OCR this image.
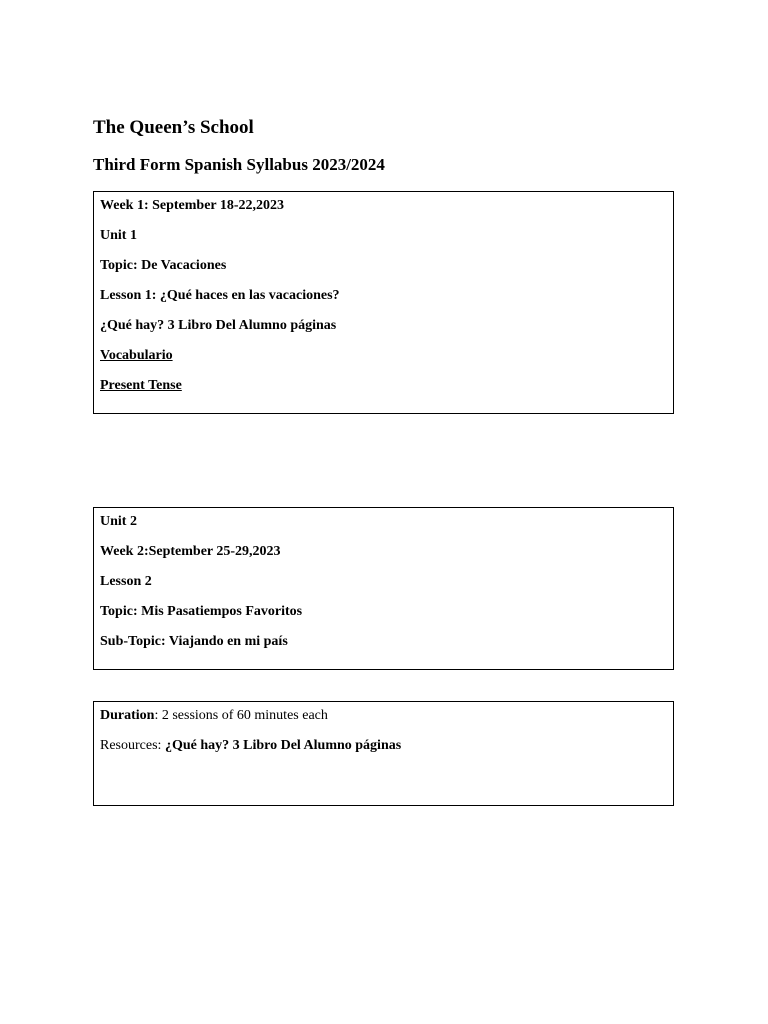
The Queen’s School
Third Form Spanish Syllabus 2023/2024
Week 1: September 18-22,2023
Unit 1
Topic: De Vacaciones
Lesson 1: ¿Qué haces en las vacaciones?
¿Qué hay? 3 Libro Del Alumno páginas
Vocabulario
Present Tense
Unit 2
Week 2:September 25-29,2023
Lesson 2
Topic: Mis Pasatiempos Favoritos
Sub-Topic: Viajando en mi país
Duration: 2 sessions of 60 minutes each
Resources: ¿Qué hay? 3 Libro Del Alumno páginas
